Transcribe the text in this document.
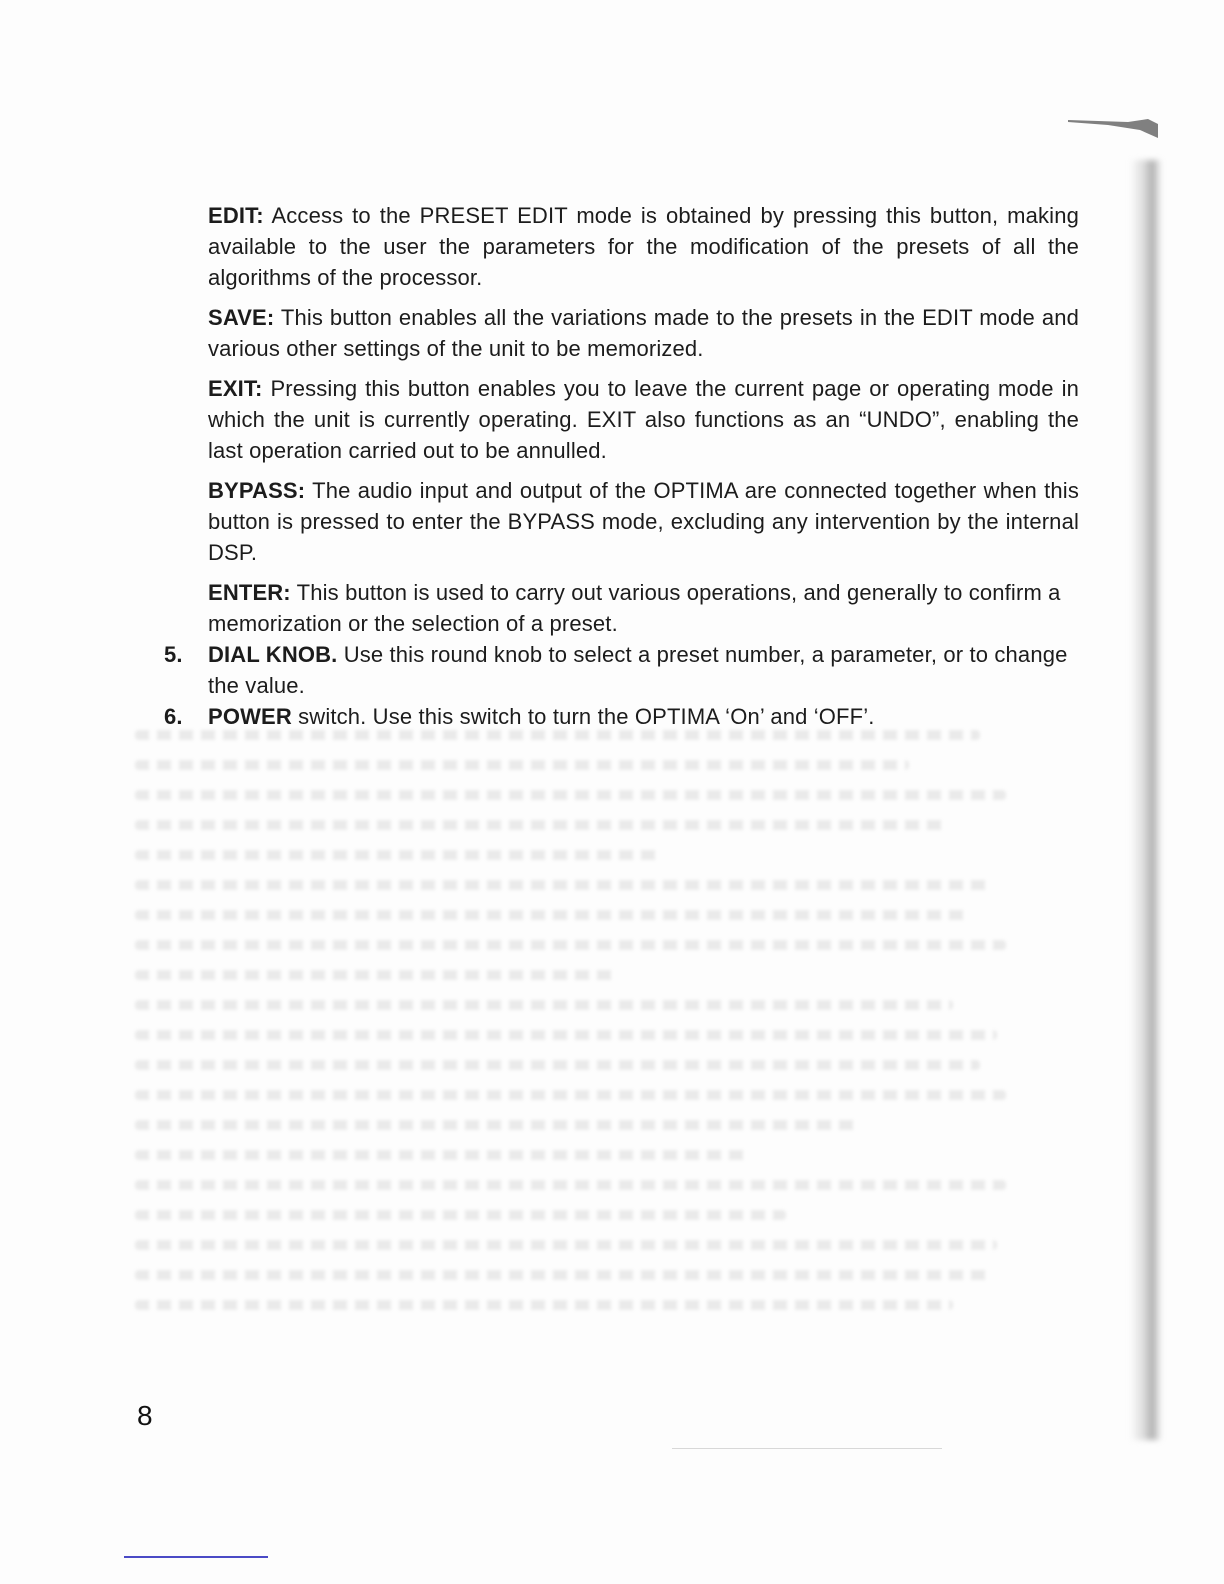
EDIT: Access to the PRESET EDIT mode is obtained by pressing this button, making available to the user the parameters for the modification of the presets of all the algorithms of the processor.
SAVE: This button enables all the variations made to the presets in the EDIT mode and various other settings of the unit to be memorized.
EXIT: Pressing this button enables you to leave the current page or operating mode in which the unit is currently operating. EXIT also functions as an “UNDO”, enabling the last operation carried out to be annulled.
BYPASS: The audio input and output of the OPTIMA are connected together when this button is pressed to enter the BYPASS mode, excluding any intervention by the internal DSP.
ENTER: This button is used to carry out various operations, and generally to confirm a memorization or the selection of a preset.
5. DIAL KNOB. Use this round knob to select a preset number, a parameter, or to change the value.
6. POWER switch. Use this switch to turn the OPTIMA ‘On’ and ‘OFF’.
8
